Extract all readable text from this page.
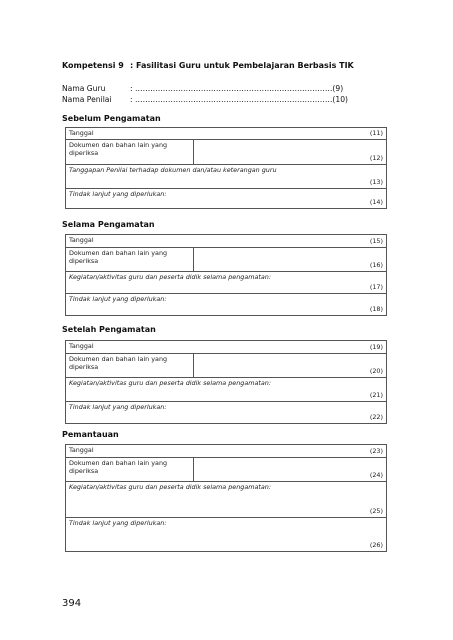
Kompetensi 9 : Fasilitasi Guru untuk Pembelajaran Berbasis TIK
Nama Guru	: ……………………………………………………………………(9)
Nama Penilai : ……………………………………………………………………(10)
Sebelum Pengamatan
Tanggal	(11)

Dokumen dan bahan lain yang diperiksa	
(12)

Tanggapan Penilai terhadap dokumen dan/atau keterangan guru
(13)

Tindak lanjut yang diperlukan:
(14)
Selama Pengamatan
Tanggal	(15)

Dokumen dan bahan lain yang diperiksa	(16)

Kegiatan/aktivitas guru dan peserta didik selama pengamatan:
(17)

Tindak lanjut yang diperlukan:
(18)
Setelah Pengamatan
Tanggal	(19)

Dokumen dan bahan lain yang diperiksa	(20)

Kegiatan/aktivitas guru dan peserta didik selama pengamatan:
(21)

Tindak lanjut yang diperlukan:
(22)
Pemantauan
Tanggal	(23)

Dokumen dan bahan lain yang diperiksa	(24)

Kegiatan/aktivitas guru dan peserta didik selama pengamatan:
(25)

Tindak lanjut yang diperlukan:
(26)
394
